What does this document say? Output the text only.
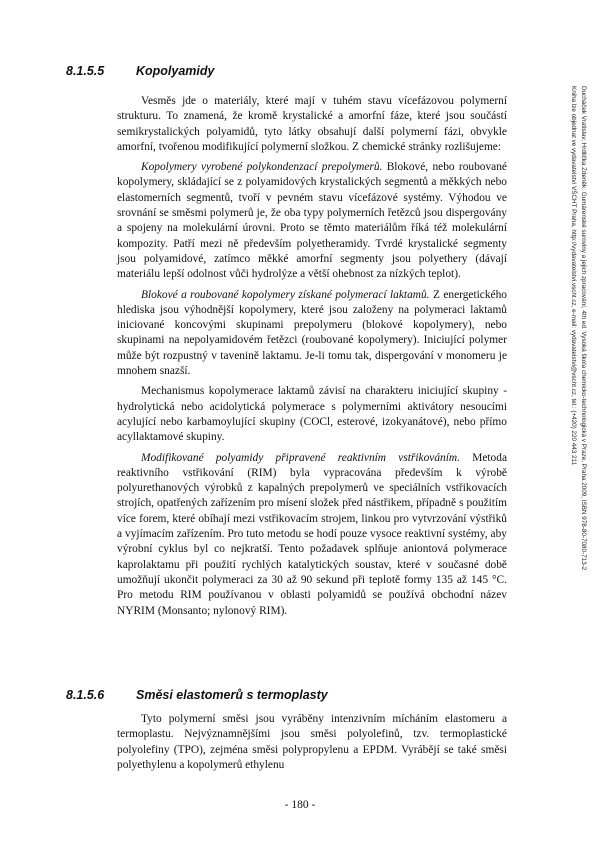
Ducháček Vratislav, Hrdlička Zdeněk: Gumárenské suroviny a jejich zpracování, 4th ed. Vysoká škola chemicko-technologická v Praze, Praha 2009, ISBN 978-80-7080-713-2
Kniha lze objednat ve vydavatelství VŠCHT Praha, http://vydavatelstvi.vscht.cz, e-mail: vydavatelstvi@vscht.cz, tel.: (+420) 220 443 211
8.1.5.5	Kopolyamidy

Vesměs jde o materiály, které mají v tuhém stavu vícefázovou polymerní strukturu. To znamená, že kromě krystalické a amorfní fáze, které jsou součástí semikrystalických polyamidů, tyto látky obsahují další polymerní fázi, obvykle amorfní, tvořenou modifikující polymerní složkou. Z chemické stránky rozlišujeme:

Kopolymery vyrobené polykondenzací prepolymerů. Blokové, nebo roubované kopolymery, skládající se z polyamidových krystalických segmentů a měkkých nebo elastomerních segmentů, tvoří v pevném stavu vícefázové systémy. Výhodou ve srovnání se směsmi polymerů je, že oba typy polymerních řetězců jsou dispergovány a spojeny na molekulární úrovni. Proto se těmto materiálům říká též molekulární kompozity. Patří mezi ně především polyetheramidy. Tvrdé krystalické segmenty jsou polyamidové, zatímco měkké amorfní segmenty jsou polyethery (dávají materiálu lepší odolnost vůči hydrolýze a větší ohebnost za nízkých teplot).

Blokové a roubované kopolymery získané polymerací laktamů. Z energetického hlediska jsou výhodnější kopolymery, které jsou založeny na polymeraci laktamů iniciované koncovými skupinami prepolymeru (blokové kopolymery), nebo skupinami na nepolyamidovém řetězci (roubované kopolymery). Iniciující polymer může být rozpustný v tavenině laktamu. Je-li tomu tak, dispergování v monomeru je mnohem snazší.

Mechanismus kopolymerace laktamů závisí na charakteru iniciující skupiny - hydrolytická nebo acidolytická polymerace s polymerními aktivátory nesoucími acylující nebo karbamoylující skupiny (COCl, esterové, izokyanátové), nebo přímo acyllaktamové skupiny.

Modifikované polyamidy připravené reaktivním vstřikováním. Metoda reaktivního vstřikování (RIM) byla vypracována především k výrobě polyurethanových výrobků z kapalných prepolymerů ve speciálních vstřikovacích strojích, opatřených zařízením pro mísení složek před nástřikem, případně s použitím více forem, které obíhají mezi vstřikovacím strojem, linkou pro vytvrzování výstřiků a vyjímacím zařízením. Pro tuto metodu se hodí pouze vysoce reaktivní systémy, aby výrobní cyklus byl co nejkratší. Tento požadavek splňuje aniontová polymerace kaprolaktamu při použití rychlých katalytických soustav, které v současné době umožňují ukončit polymeraci za 30 až 90 sekund při teplotě formy 135 až 145 °C. Pro metodu RIM používanou v oblasti polyamidů se používá obchodní název NYRIM (Monsanto; nylonový RIM).

8.1.5.6	Směsi elastomerů s termoplasty

Tyto polymerní směsi jsou vyráběny intenzivním mícháním elastomeru a termoplastu. Nejvýznamnějšími jsou směsi polyolefinů, tzv. termoplastické polyolefiny (TPO), zejména směsi polypropylenu a EPDM. Vyrábějí se také směsi polyethylenu a kopolymerů ethylenu

- 180 -
